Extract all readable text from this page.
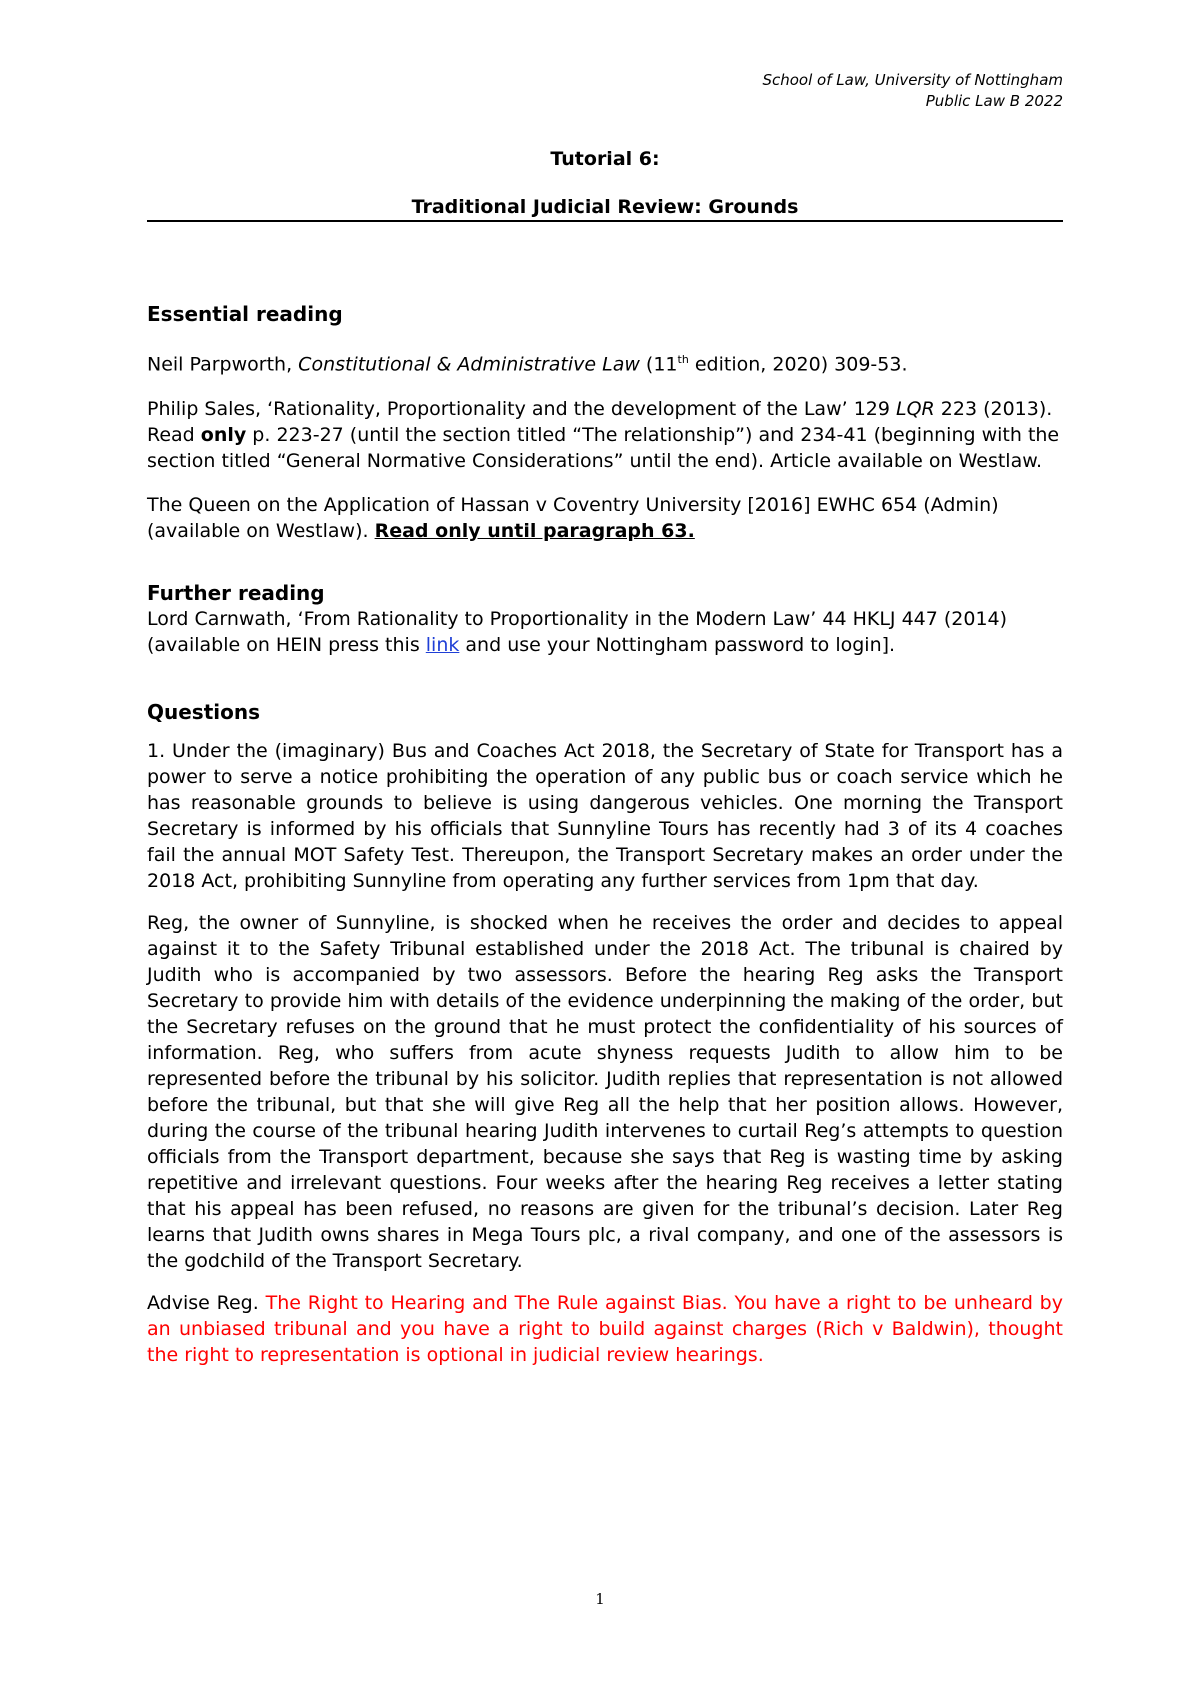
School of Law, University of Nottingham
Public Law B 2022
Tutorial 6:
Traditional Judicial Review: Grounds

Essential reading

Neil Parpworth, Constitutional & Administrative Law (11th edition, 2020) 309-53.

Philip Sales, ‘Rationality, Proportionality and the development of the Law’ 129 LQR 223 (2013). Read only p. 223-27 (until the section titled “The relationship”) and 234-41 (beginning with the section titled “General Normative Considerations” until the end). Article available on Westlaw.

The Queen on the Application of Hassan v Coventry University [2016] EWHC 654 (Admin) (available on Westlaw). Read only until paragraph 63.

Further reading

Lord Carnwath, ‘From Rationality to Proportionality in the Modern Law’ 44 HKLJ 447 (2014) (available on HEIN press this link and use your Nottingham password to login].

Questions

1. Under the (imaginary) Bus and Coaches Act 2018, the Secretary of State for Transport has a power to serve a notice prohibiting the operation of any public bus or coach service which he has reasonable grounds to believe is using dangerous vehicles. One morning the Transport Secretary is informed by his officials that Sunnyline Tours has recently had 3 of its 4 coaches fail the annual MOT Safety Test. Thereupon, the Transport Secretary makes an order under the 2018 Act, prohibiting Sunnyline from operating any further services from 1pm that day.

Reg, the owner of Sunnyline, is shocked when he receives the order and decides to appeal against it to the Safety Tribunal established under the 2018 Act. The tribunal is chaired by Judith who is accompanied by two assessors. Before the hearing Reg asks the Transport Secretary to provide him with details of the evidence underpinning the making of the order, but the Secretary refuses on the ground that he must protect the confidentiality of his sources of information. Reg, who suffers from acute shyness requests Judith to allow him to be represented before the tribunal by his solicitor. Judith replies that representation is not allowed before the tribunal, but that she will give Reg all the help that her position allows. However, during the course of the tribunal hearing Judith intervenes to curtail Reg’s attempts to question officials from the Transport department, because she says that Reg is wasting time by asking repetitive and irrelevant questions. Four weeks after the hearing Reg receives a letter stating that his appeal has been refused, no reasons are given for the tribunal’s decision. Later Reg learns that Judith owns shares in Mega Tours plc, a rival company, and one of the assessors is the godchild of the Transport Secretary.

Advise Reg. The Right to Hearing and The Rule against Bias. You have a right to be unheard by an unbiased tribunal and you have a right to build against charges (Rich v Baldwin), thought the right to representation is optional in judicial review hearings.

1
